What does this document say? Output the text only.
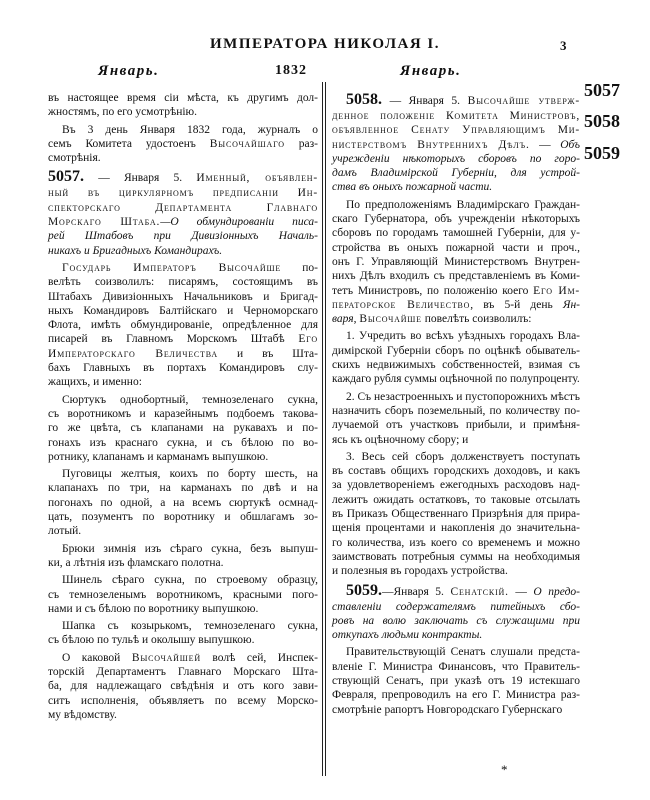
ИМПЕРАТОРА НИКОЛАЯ I.	3
Январь.	1832	Январь.
въ настоящее время сіи мѣста, къ другимъ дол-
жностямъ, по его усмотрѣнію.
Въ 3 день Января 1832 года, журналъ о
семъ Комитета удостоенъ Высочайшаго раз-
смотрѣнія.
5057. — Января 5. Именный, объявлен-
ный въ циркулярномъ предписаніи Ин-
спекторскаго Департамента Главнаго
Морскаго Штаба.—О обмундированіи писа-
рей Штабовъ при Дивизіонныхъ Началь-
никахъ и Бригадныхъ Командирахъ.
Государь Императоръ Высочайше по-
велѣть соизволилъ: писарямъ, состоящимъ въ
Штабахъ Дивизіонныхъ Начальниковъ и Бригад-
ныхъ Командировъ Балтійскаго и Черноморскаго
Флота, имѣть обмундированіе, опредѣленное для
писарей въ Главномъ Морскомъ Штабѣ Его
Императорскаго Величества и въ Шта-
бахъ Главныхъ въ портахъ Командировъ слу-
жащихъ, и именно:
Сюртукъ однобортный, темнозеленаго сукна,
съ воротникомъ и каразейнымъ подбоемъ такова-
го же цвѣта, съ клапанами на рукавахъ и по-
гонахъ изъ краснаго сукна, и съ бѣлою по во-
ротнику, клапанамъ и карманамъ выпушкою.
Пуговицы желтыя, коихъ по борту шесть, на
клапанахъ по три, на карманахъ по двѣ и на
погонахъ по одной, а на всемъ сюртукѣ осмнад-
цать, позументъ по воротнику и обшлагамъ зо-
лотый.
Брюки зимнія изъ сѣраго сукна, безъ выпуш-
ки, а лѣтнія изъ фламскаго полотна.
Шинель сѣраго сукна, по строевому образцу,
съ темнозеленымъ воротникомъ, красными пого-
нами и съ бѣлою по воротнику выпушкою.
Шапка съ козырькомъ, темнозеленаго сукна,
съ бѣлою по тульѣ и околышу выпушкою.
О каковой Высочайшей волѣ сей, Инспек-
торскій Департаментъ Главнаго Морскаго Шта-
ба, для надлежащаго свѣдѣнія и отъ кого зави-
ситъ исполненія, объявляетъ по всему Морско-
му вѣдомству.
5058. — Января 5. Высочайше утверж-
денное положеніе Комитета Министровъ,
объявленное Сенату Управляющимъ Ми-
нистерствомъ Внутреннихъ Дѣлъ. — Объ
учрежденіи нѣкоторыхъ сборовъ по горо-
дамъ Владимірской Губерніи, для устрой-
ства въ оныхъ пожарной части.
По предположеніямъ Владимірскаго Граждан-
скаго Губернатора, объ учрежденіи нѣкоторыхъ
сборовъ по городамъ тамошней Губерніи, для у-
стройства въ оныхъ пожарной части и проч.,
онъ Г. Управляющій Министерствомъ Внутрен-
нихъ Дѣлъ входилъ съ представленіемъ въ Коми-
тетъ Министровъ, по положенію коего Его Им-
ператорское Величество, въ 5-й день Ян-
варя, Высочайше повелѣть соизволилъ:
1. Учредить во всѣхъ уѣздныхъ городахъ Вла-
димірской Губерніи сборъ по оцѣнкѣ обыватель-
скихъ недвижимыхъ собственностей, взимая съ
каждаго рубля суммы оцѣночной по полупроценту.
2. Съ незастроенныхъ и пустопорожнихъ мѣстъ
назначить сборъ поземельный, по количеству по-
лучаемой отъ участковъ прибыли, и примѣня-
ясь къ оцѣночному сбору; и
3. Весь сей сборъ долженствуетъ поступать
въ составъ общихъ городскихъ доходовъ, и какъ
за удовлетвореніемъ ежегодныхъ расходовъ над-
лежитъ ожидать остатковъ, то таковые отсылать
въ Приказъ Общественнаго Призрѣнія для прира-
щенія процентами и накопленія до значительна-
го количества, изъ коего со временемъ и можно
заимствовать потребныя суммы на необходимыя
и полезныя въ городахъ устройства.
5059.—Января 5. Сенатскій. — О предо-
ставленіи содержателямъ питейныхъ сбо-
ровъ на волю заключать съ служащими при
откупахъ людьми контракты.
Правительствующій Сенатъ слушали предста-
вленіе Г. Министра Финансовъ, что Правитель-
ствующій Сенатъ, при указѣ отъ 19 истекшаго
Февраля, препроводилъ на его Г. Министра раз-
смотрѣніе рапортъ Новгородскаго Губернскаго
5057
5058
5059
*
